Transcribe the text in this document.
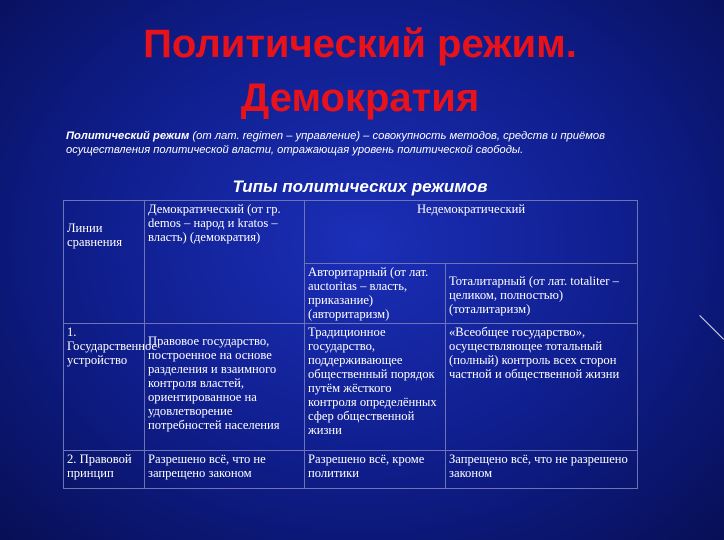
Политический режим.
Демократия
Политический режим (от лат. regimen – управление) – совокупность методов, средств и приёмов осуществления политической власти, отражающая уровень политической свободы.
Типы политических режимов
Линии сравнения	Демократический (от гр. demos – народ и kratos – власть) (демократия)	Недемократический	
		Авторитарный (от лат. auctoritas – власть, приказание) (авторитаризм)	Тоталитарный (от лат. totaliter – целиком, полностью) (тоталитаризм)
1. Государственное устройство	Правовое государство, построенное на основе разделения и взаимного контроля властей, ориентированное на удовлетворение потребностей населения	Традиционное государство, поддерживающее общественный порядок путём жёсткого контроля определённых сфер общественной жизни	«Всеобщее государство», осуществляющее тотальный (полный) контроль всех сторон частной и общественной жизни
2. Правовой принцип	Разрешено всё, что не запрещено законом	Разрешено всё, кроме политики	Запрещено всё, что не разрешено законом
